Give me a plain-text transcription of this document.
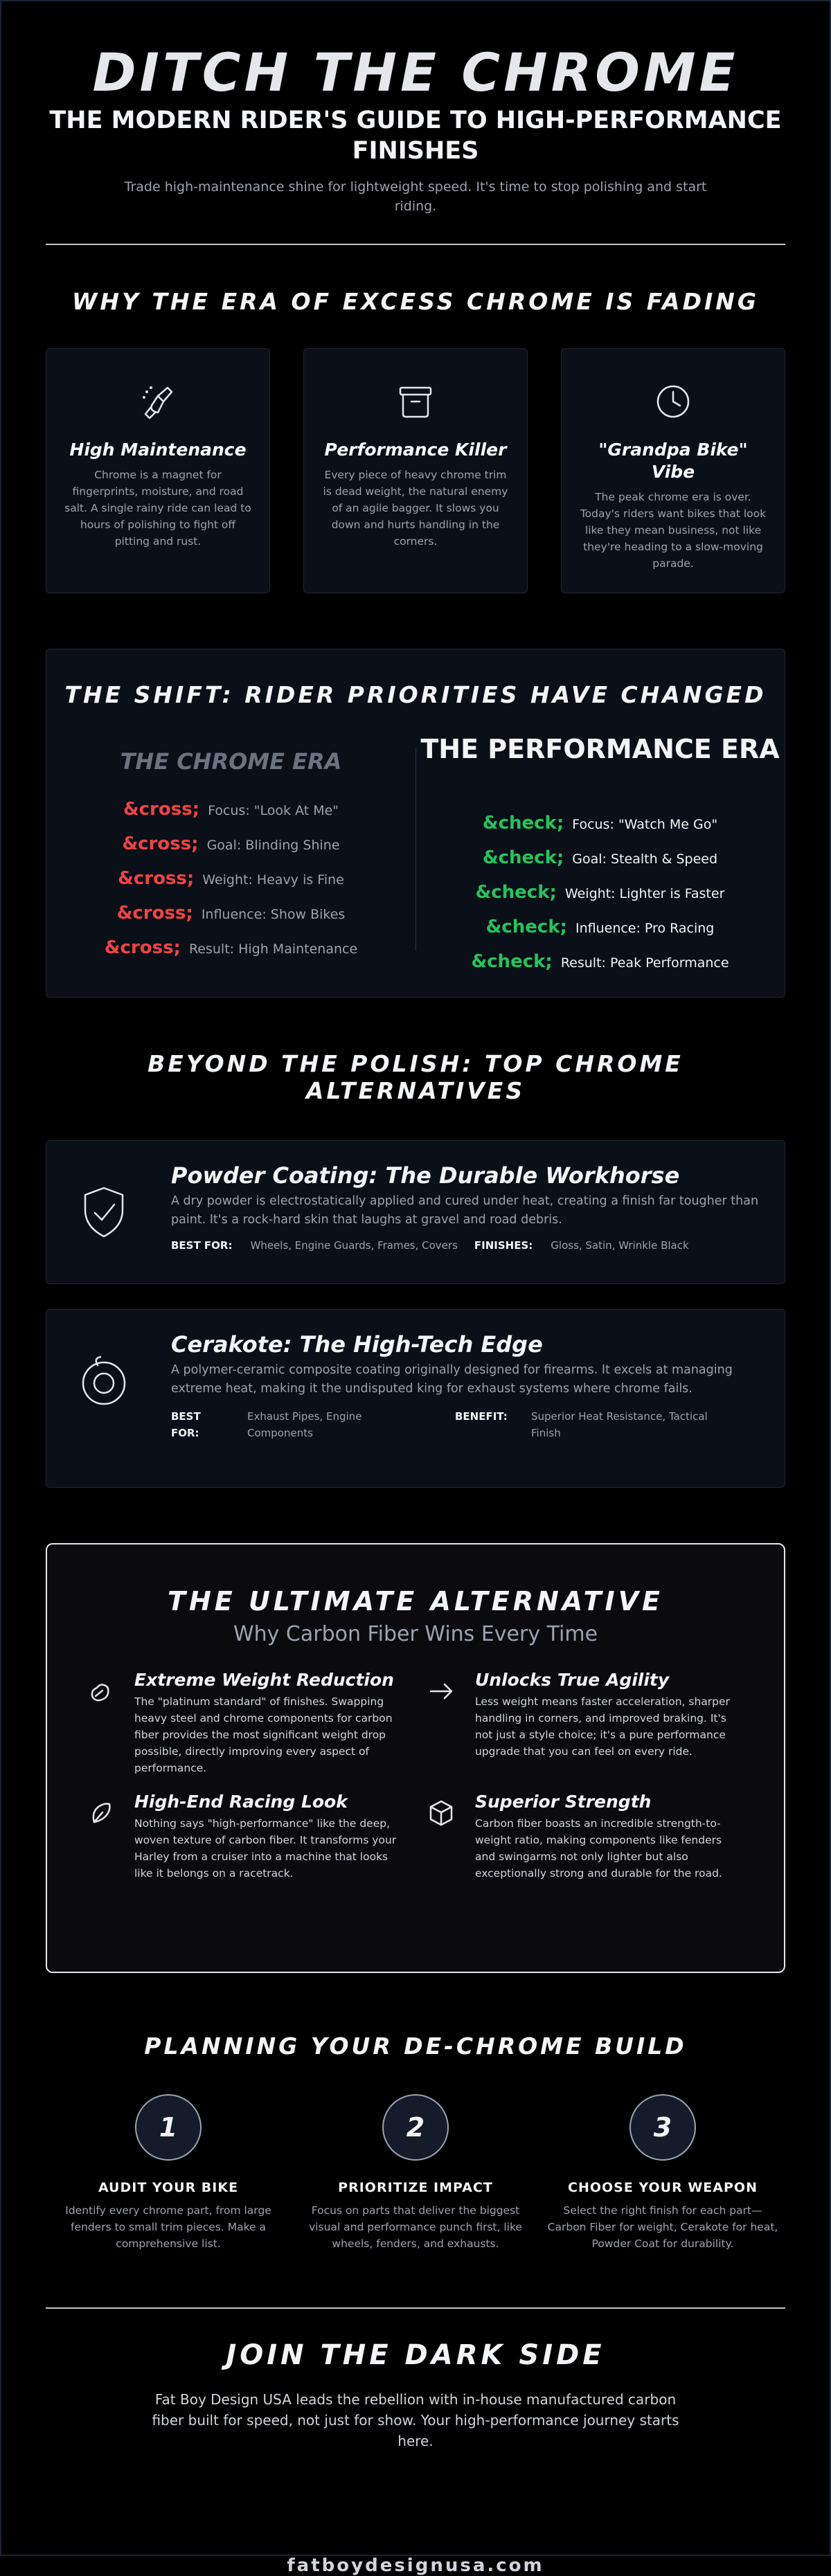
DITCH THE CHROME
THE MODERN RIDER'S GUIDE TO HIGH-PERFORMANCE FINISHES

Trade high-maintenance shine for lightweight speed. It's time to stop polishing and start riding.

WHY THE ERA OF EXCESS CHROME IS FADING
High Maintenance

Chrome is a magnet for fingerprints, moisture, and road salt. A single rainy ride can lead to hours of polishing to fight off pitting and rust.

Performance Killer

Every piece of heavy chrome trim is dead weight, the natural enemy of an agile bagger. It slows you down and hurts handling in the corners.

"Grandpa Bike" Vibe

The peak chrome era is over. Today's riders want bikes that look like they mean business, not like they're heading to a slow-moving parade.

THE SHIFT: RIDER PRIORITIES HAVE CHANGED
THE CHROME ERA
&cross; Focus: "Look At Me"
&cross; Goal: Blinding Shine
&cross; Weight: Heavy is Fine
&cross; Influence: Show Bikes
&cross; Result: High Maintenance
THE PERFORMANCE ERA
&check; Focus: "Watch Me Go"
&check; Goal: Stealth & Speed
&check; Weight: Lighter is Faster
&check; Influence: Pro Racing
&check; Result: Peak Performance
BEYOND THE POLISH: TOP CHROME ALTERNATIVES
Powder Coating: The Durable Workhorse

A dry powder is electrostatically applied and cured under heat, creating a finish far tougher than paint. It's a rock-hard skin that laughs at gravel and road debris.

BEST FOR: Wheels, Engine Guards, Frames, Covers FINISHES: Gloss, Satin, Wrinkle Black
Cerakote: The High-Tech Edge

A polymer-ceramic composite coating originally designed for firearms. It excels at managing extreme heat, making it the undisputed king for exhaust systems where chrome fails.

BEST FOR:
Exhaust Pipes, Engine Components
BENEFIT:	Superior Heat Resistance, Tactical Finish
THE ULTIMATE ALTERNATIVE

Why Carbon Fiber Wins Every Time

Extreme Weight Reduction

The "platinum standard" of finishes. Swapping heavy steel and chrome components for carbon fiber provides the most significant weight drop possible, directly improving every aspect of performance.

Unlocks True Agility

Less weight means faster acceleration, sharper handling in corners, and improved braking. It's not just a style choice; it's a pure performance upgrade that you can feel on every ride.

High-End Racing Look

Nothing says "high-performance" like the deep, woven texture of carbon fiber. It transforms your Harley from a cruiser into a machine that looks like it belongs on a racetrack.

Superior Strength

Carbon fiber boasts an incredible strength-to-weight ratio, making components like fenders and swingarms not only lighter but also exceptionally strong and durable for the road.

PLANNING YOUR DE-CHROME BUILD
1
AUDIT YOUR BIKE

Identify every chrome part, from large fenders to small trim pieces. Make a comprehensive list.

2
PRIORITIZE IMPACT

Focus on parts that deliver the biggest visual and performance punch first, like wheels, fenders, and exhausts.

3
CHOOSE YOUR WEAPON

Select the right finish for each part—Carbon Fiber for weight, Cerakote for heat, Powder Coat for durability.

JOIN THE DARK SIDE

Fat Boy Design USA leads the rebellion with in-house manufactured carbon fiber built for speed, not just for show. Your high-performance journey starts here.

fatboydesignusa.com
